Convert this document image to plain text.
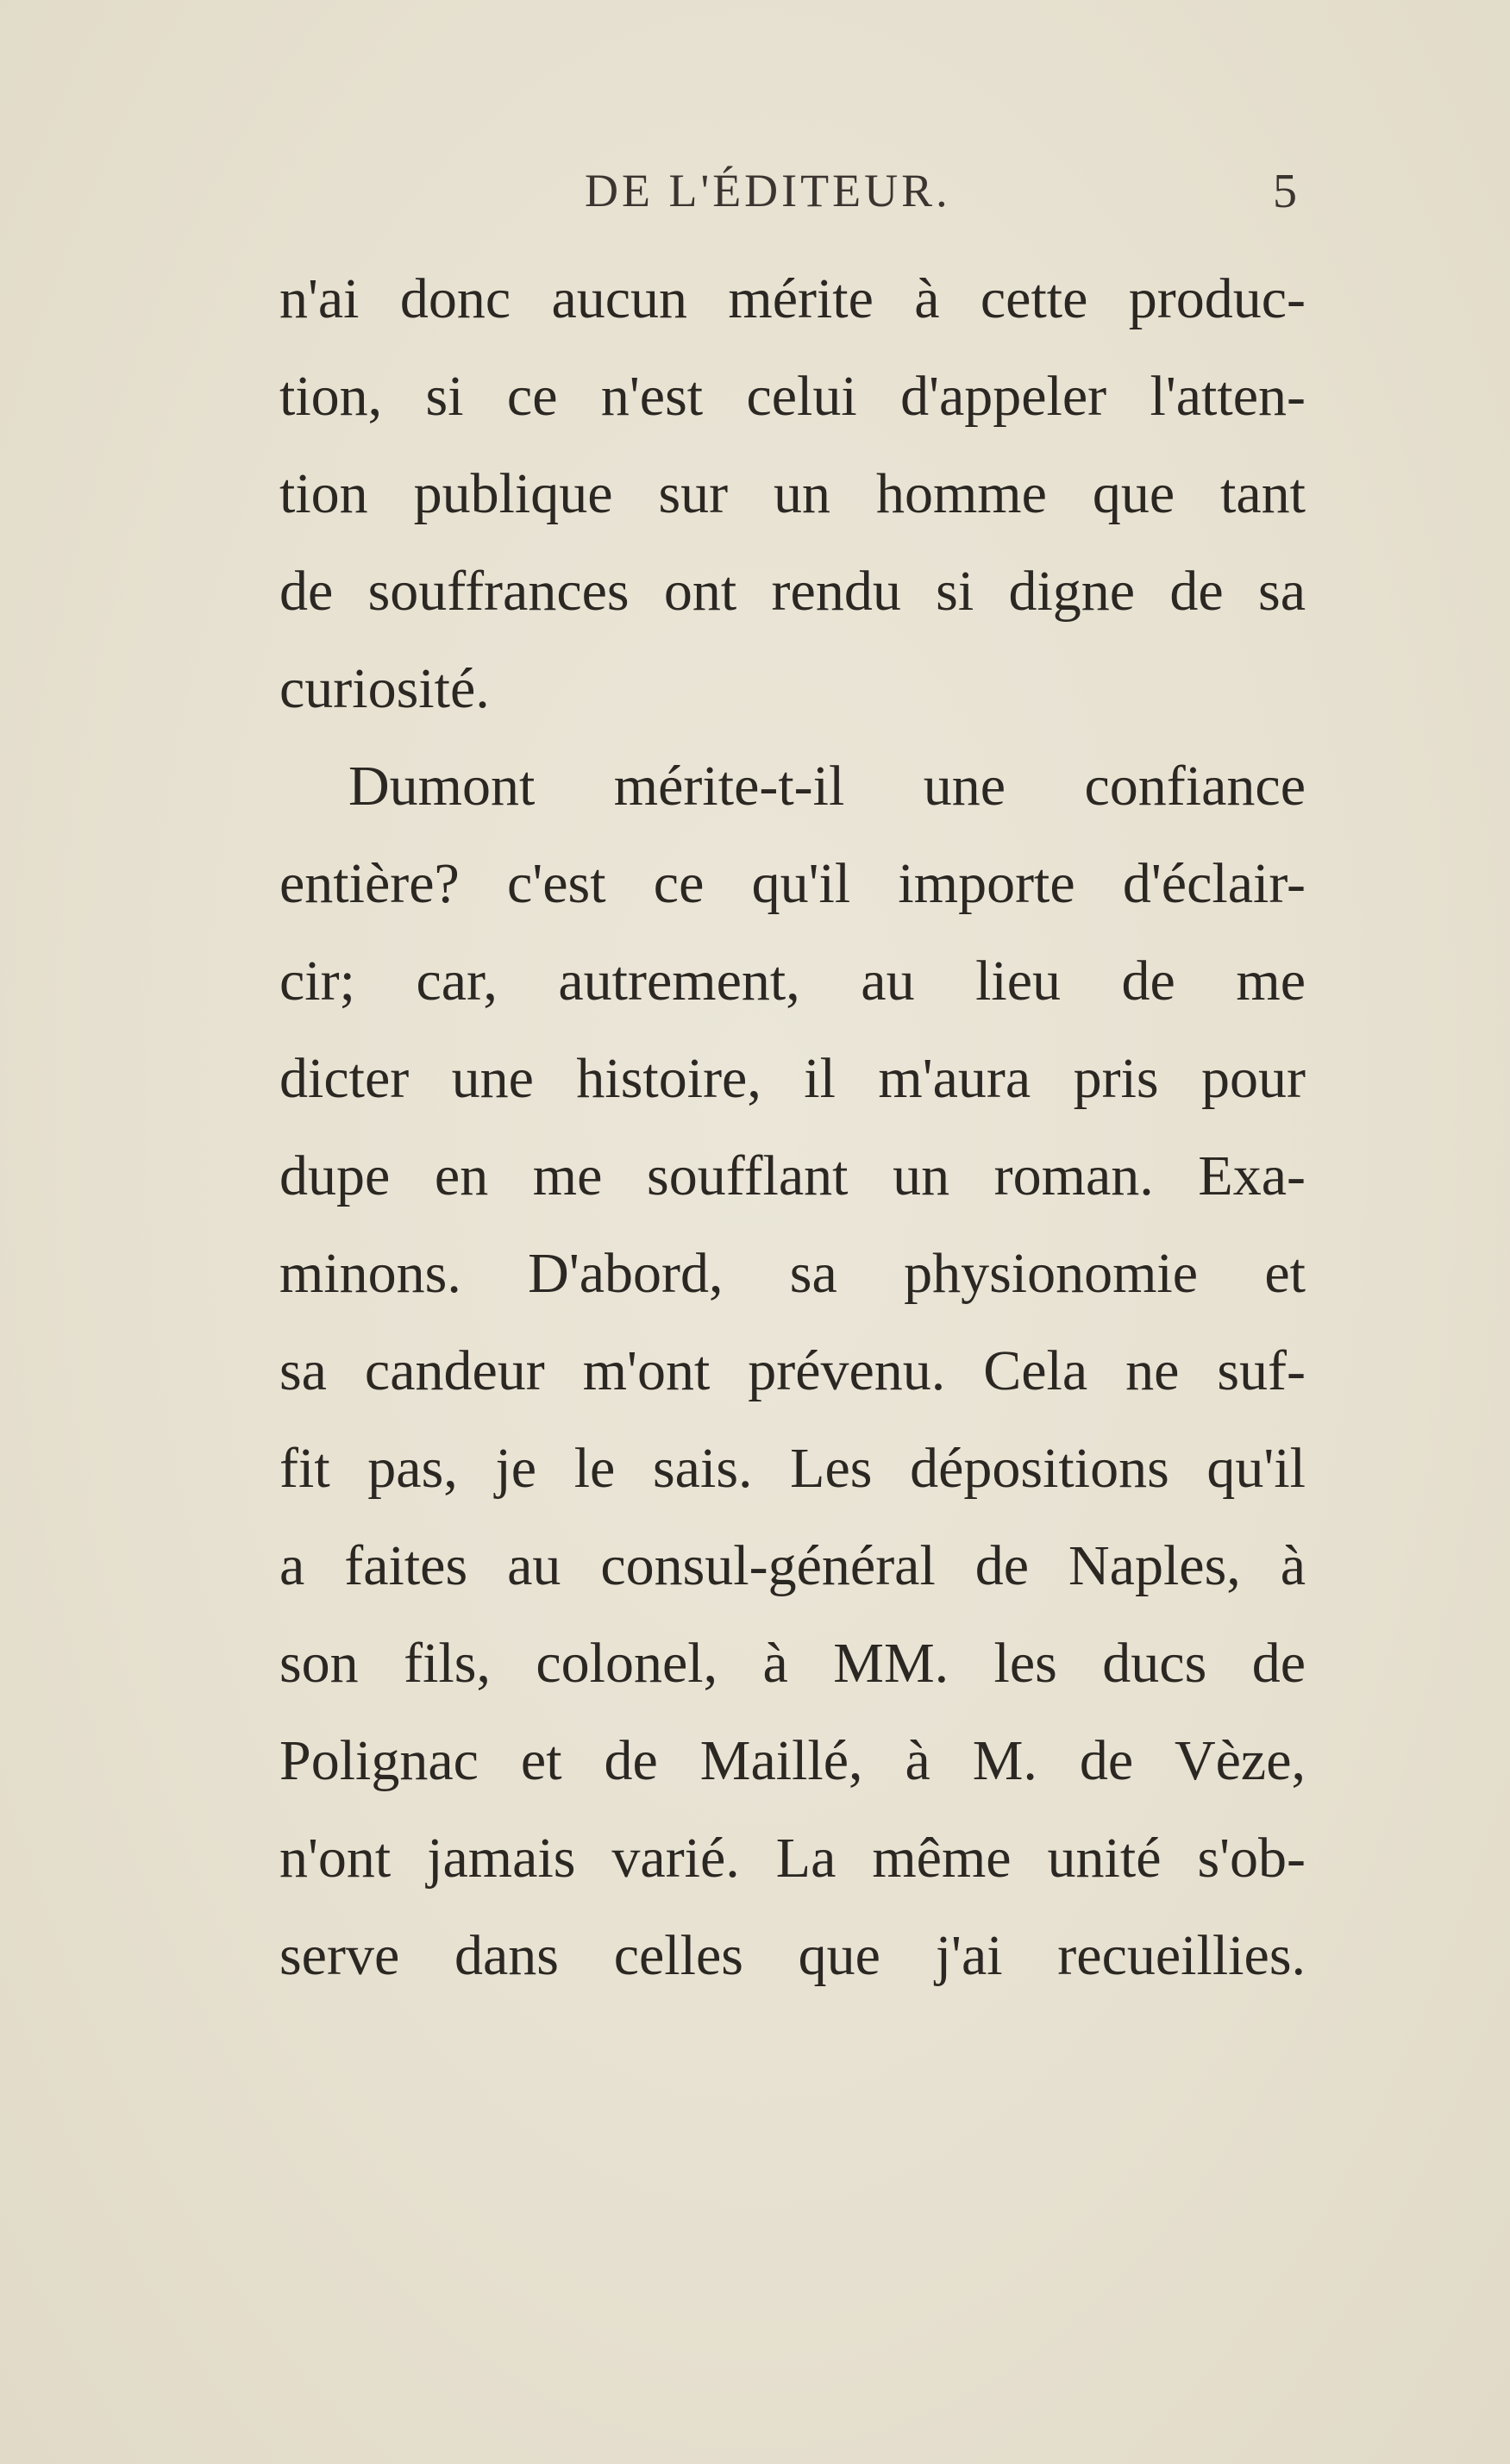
DE L'ÉDITEUR.	5
n'ai donc aucun mérite à cette produc-
tion, si ce n'est celui d'appeler l'atten-
tion publique sur un homme que tant
de souffrances ont rendu si digne de sa
curiosité.
Dumont mérite-t-il une confiance
entière? c'est ce qu'il importe d'éclair-
cir; car, autrement, au lieu de me
dicter une histoire, il m'aura pris pour
dupe en me soufflant un roman. Exa-
minons. D'abord, sa physionomie et
sa candeur m'ont prévenu. Cela ne suf-
fit pas, je le sais. Les dépositions qu'il
a faites au consul-général de Naples, à
son fils, colonel, à MM. les ducs de
Polignac et de Maillé, à M. de Vèze,
n'ont jamais varié. La même unité s'ob-
serve dans celles que j'ai recueillies.
